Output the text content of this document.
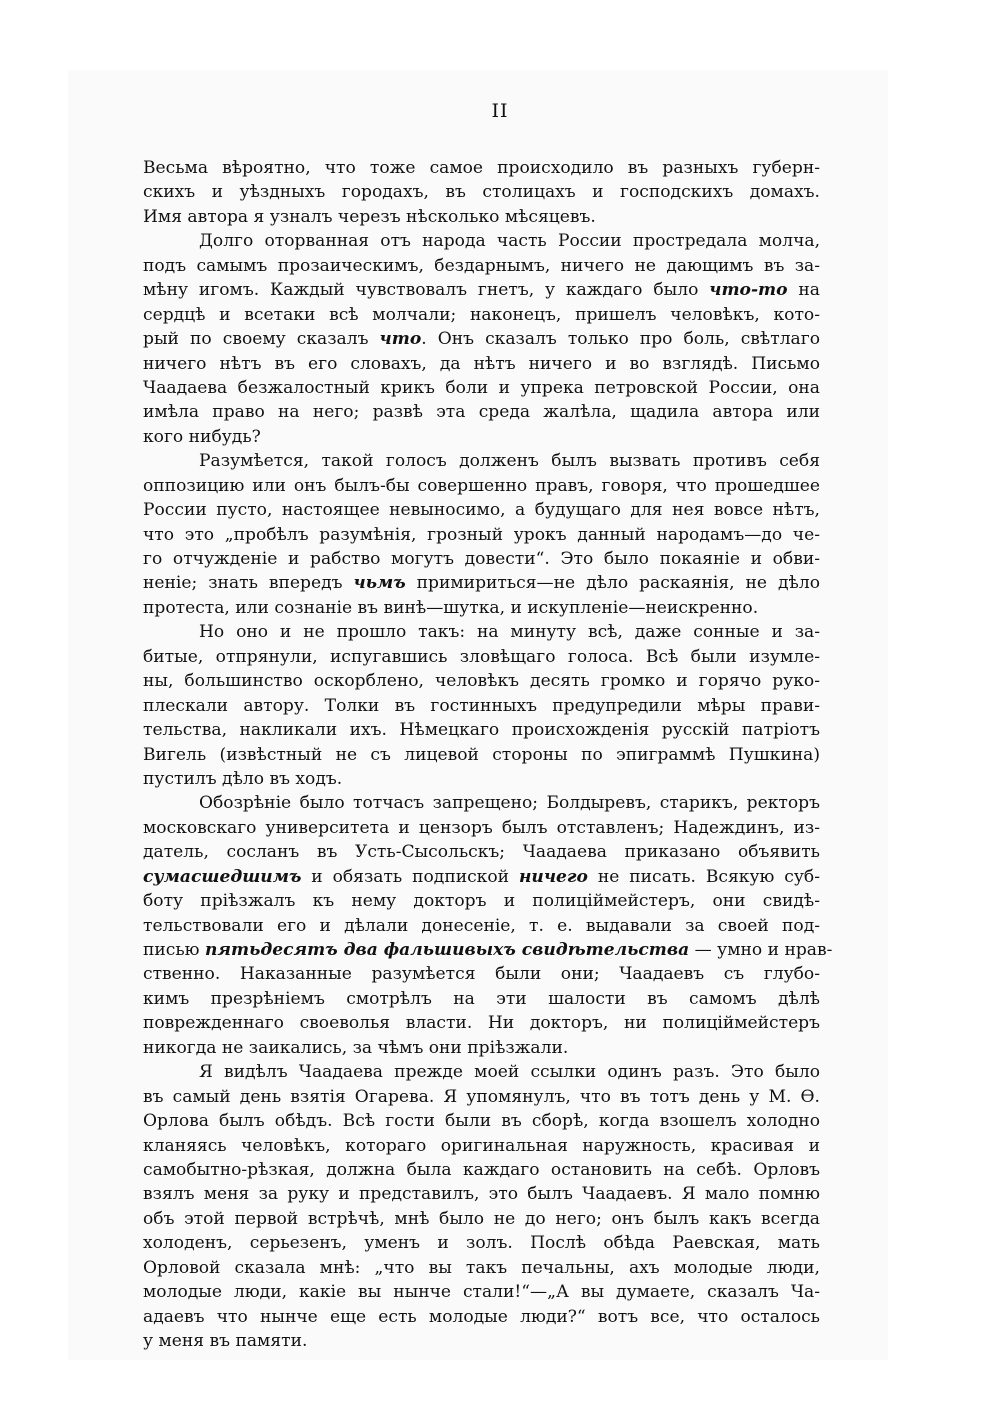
II

Весьма вѣроятно, что тоже самое происходило въ разныхъ губерн-
скихъ и уѣздныхъ городахъ, въ столицахъ и господскихъ домахъ.
Имя автора я узналъ черезъ нѣсколько мѣсяцевъ.

Долго оторванная отъ народа часть России простредала молча,
подъ самымъ прозаическимъ, бездарнымъ, ничего не дающимъ въ за-
мѣну игомъ. Каждый чувствовалъ гнетъ, у каждаго было что-то на
сердцѣ и всетаки всѣ молчали; наконецъ, пришелъ человѣкъ, кото-
рый по своему сказалъ что. Онъ сказалъ только про боль, свѣтлаго
ничего нѣтъ въ его словахъ, да нѣтъ ничего и во взглядѣ. Письмо
Чаадаева безжалостный крикъ боли и упрека петровской России, она
имѣла право на него; развѣ эта среда жалѣла, щадила автора или
кого нибудь?

Разумѣется, такой голосъ долженъ былъ вызвать противъ себя
оппозицию или онъ былъ-бы совершенно правъ, говоря, что прошедшее
России пусто, настоящее невыносимо, а будущаго для нея вовсе нѣтъ,
что это „пробѣлъ разумѣнія, грозный урокъ данный народамъ—до че-
го отчужденіе и рабство могутъ довести“. Это было покаяніе и обви-
неніе; знать впередъ чьмъ примириться—не дѣло раскаянія, не дѣло
протеста, или сознаніе въ винѣ—шутка, и искупленіе—неискренно.

Но оно и не прошло такъ: на минуту всѣ, даже сонные и за-
битые, отпрянули, испугавшись зловѣщаго голоса. Всѣ были изумле-
ны, большинство оскорблено, человѣкъ десять громко и горячо руко-
плескали автору. Толки въ гостинныхъ предупредили мѣры прави-
тельства, накликали ихъ. Нѣмецкаго происхожденія русскій патріотъ
Вигель (извѣстный не съ лицевой стороны по эпиграммѣ Пушкина)
пустилъ дѣло въ ходъ.

Обозрѣніе было тотчасъ запрещено; Болдыревъ, старикъ, ректоръ
московскаго университета и цензоръ былъ отставленъ; Надеждинъ, из-
датель, сосланъ въ Усть-Сысольскъ; Чаадаева приказано объявить
сумасшедшимъ и обязать подпиской ничего не писать. Всякую суб-
боту пріѣзжалъ къ нему докторъ и полиціймейстеръ, они свидѣ-
тельствовали его и дѣлали донесеніе, т. е. выдавали за своей под-
писью пятьдесятъ два фальшивыхъ свидѣтельства — умно и нрав-
ственно. Наказанные разумѣется были они; Чаадаевъ съ глубо-
кимъ презрѣніемъ смотрѣлъ на эти шалости въ самомъ дѣлѣ
поврежденнаго своеволья власти. Ни докторъ, ни полиціймейстеръ
никогда не заикались, за чѣмъ они пріѣзжали.

Я видѣлъ Чаадаева прежде моей ссылки одинъ разъ. Это было
въ самый день взятія Огарева. Я упомянулъ, что въ тотъ день у М. Ѳ.
Орлова былъ обѣдъ. Всѣ гости были въ сборѣ, когда взошелъ холодно
кланяясь человѣкъ, котораго оригинальная наружность, красивая и
самобытно-рѣзкая, должна была каждаго остановить на себѣ. Орловъ
взялъ меня за руку и представилъ, это былъ Чаадаевъ. Я мало помню
объ этой первой встрѣчѣ, мнѣ было не до него; онъ былъ какъ всегда
холоденъ, серьезенъ, уменъ и золъ. Послѣ обѣда Раевская, мать
Орловой сказала мнѣ: „что вы такъ печальны, ахъ молодые люди,
молодые люди, какіе вы нынче стали!“—„А вы думаете, сказалъ Ча-
адаевъ что нынче еще есть молодые люди?“ вотъ все, что осталось
у меня въ памяти.
